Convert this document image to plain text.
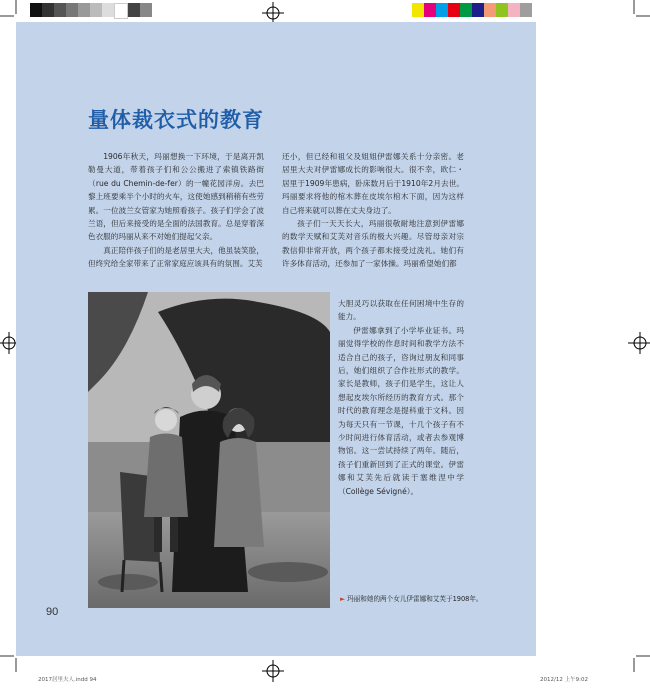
量体裁衣式的教育

1906年秋天，玛丽想换一下环境，于是离开凯勒曼大道，带着孩子们和公公搬进了索镇铁路街（rue du Chemin-de-fer）的一幢花园洋房。去巴黎上班要乘半个小时的火车，这使她感到稍稍有些劳累。一位波兰女管家为她照看孩子。孩子们学会了波兰语，但后来接受的是全面的法国教育。总是穿着深色衣服的玛丽从来不对她们提起父亲。

真正陪伴孩子们的是老居里大夫，他虽装笑脸，但终究给全家带来了正常家庭应该具有的氛围。艾芙

还小，但已经和祖父及姐姐伊雷娜关系十分亲密。老居里大夫对伊雷娜成长的影响很大。很不幸，欧仁・居里于1909年患病，卧床数月后于1910年2月去世。玛丽要求将他的棺木葬在皮埃尔棺木下面，因为这样自己将来就可以葬在丈夫身边了。

孩子们一天天长大，玛丽很敬耐地注意到伊雷娜的数学天赋和艾芙对音乐的极大兴趣。尽管母亲对宗教信仰非常开放，两个孩子都未接受过洗礼。她们有许多体育活动，还参加了一家体操。玛丽希望她们都

大胆灵巧以获取在任何困境中生存的能力。

伊雷娜拿到了小学毕业证书。玛丽觉得学校的作息时间和教学方法不适合自己的孩子，咨询过朋友和同事后，她们组织了合作社形式的教学。家长是教师，孩子们是学生，这让人想起皮埃尔所经历的教育方式。那个时代的教育理念是提科重于文科。因为每天只有一节课，十几个孩子有不少时间进行体育活动，或者去参观博物馆。这一尝试持续了两年。随后，孩子们重新回到了正式的课堂。伊雷娜和艾芙先后就读于塞维涅中学（Collège Sévigné）。

► 玛丽和她的两个女儿伊雷娜和艾芙于1908年。
90
2017居里夫人.indd 94	2012/12 上午9:02
